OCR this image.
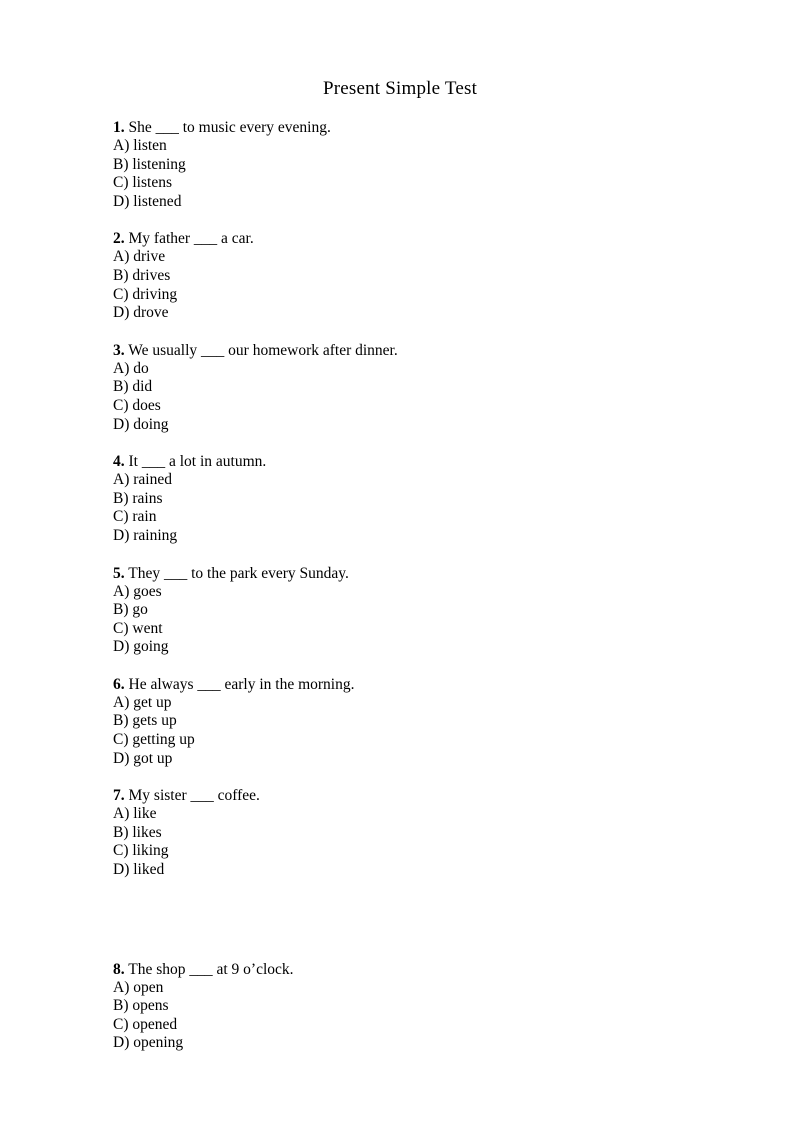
Present Simple Test
1. She ___ to music every evening.
A) listen
B) listening
C) listens
D) listened
2. My father ___ a car.
A) drive
B) drives
C) driving
D) drove
3. We usually ___ our homework after dinner.
A) do
B) did
C) does
D) doing
4. It ___ a lot in autumn.
A) rained
B) rains
C) rain
D) raining
5. They ___ to the park every Sunday.
A) goes
B) go
C) went
D) going
6. He always ___ early in the morning.
A) get up
B) gets up
C) getting up
D) got up
7. My sister ___ coffee.
A) like
B) likes
C) liking
D) liked
8. The shop ___ at 9 o’clock.
A) open
B) opens
C) opened
D) opening
